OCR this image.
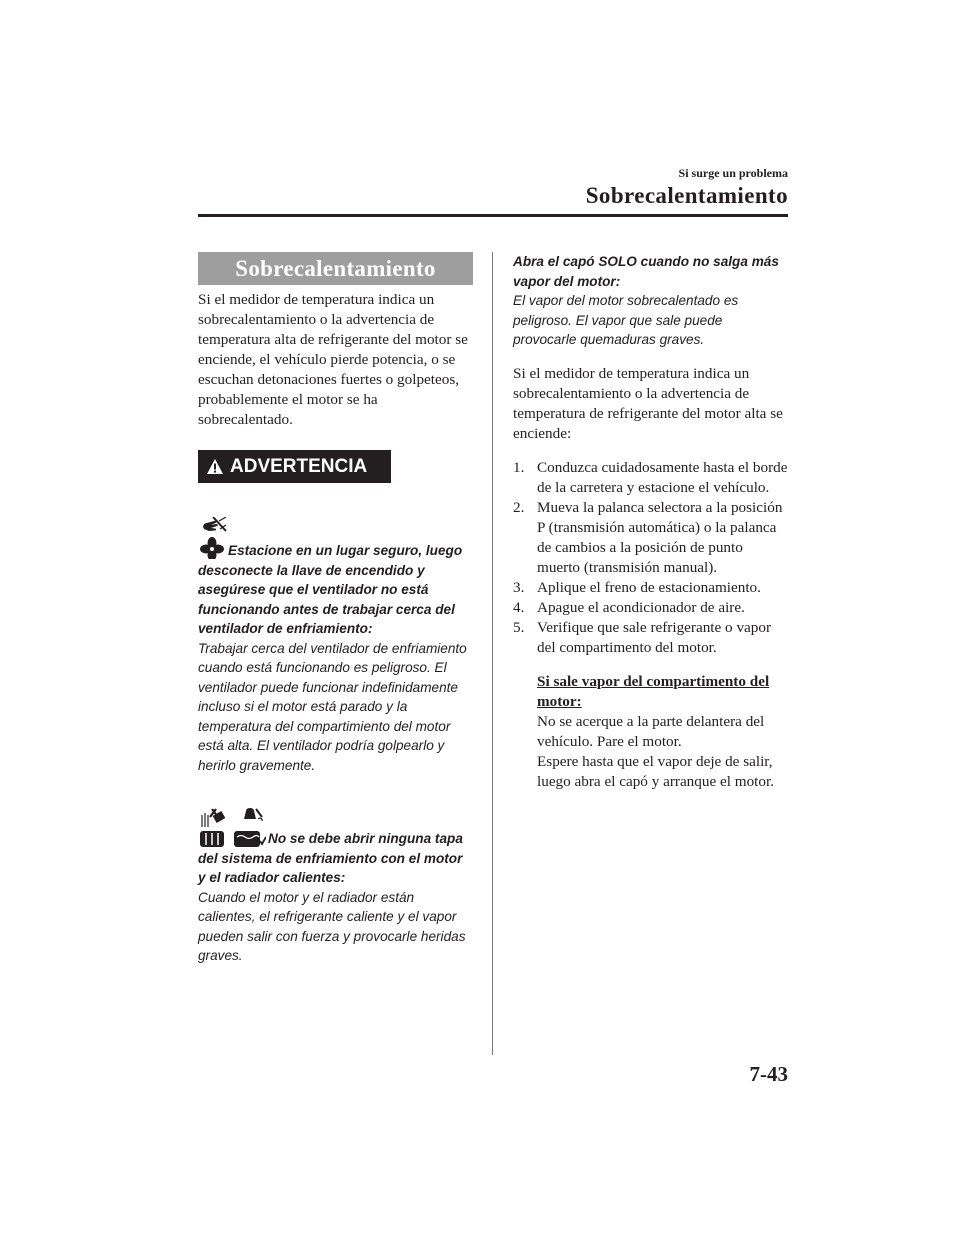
Si surge un problema
Sobrecalentamiento
Sobrecalentamiento

Si el medidor de temperatura indica un sobrecalentamiento o la advertencia de temperatura alta de refrigerante del motor se enciende, el vehículo pierde potencia, o se escuchan detonaciones fuertes o golpeteos, probablemente el motor se ha sobrecalentado.

ADVERTENCIA

Estacione en un lugar seguro, luego desconecte la llave de encendido y asegúrese que el ventilador no está funcionando antes de trabajar cerca del ventilador de enfriamiento:

Trabajar cerca del ventilador de enfriamiento cuando está funcionando es peligroso. El ventilador puede funcionar indefinidamente incluso si el motor está parado y la temperatura del compartimiento del motor está alta. El ventilador podría golpearlo y herirlo gravemente.

No se debe abrir ninguna tapa del sistema de enfriamiento con el motor y el radiador calientes:

Cuando el motor y el radiador están calientes, el refrigerante caliente y el vapor pueden salir con fuerza y provocarle heridas graves.

Abra el capó SOLO cuando no salga más vapor del motor:

El vapor del motor sobrecalentado es peligroso. El vapor que sale puede provocarle quemaduras graves.

Si el medidor de temperatura indica un sobrecalentamiento o la advertencia de temperatura de refrigerante del motor alta se enciende:

1. Conduzca cuidadosamente hasta el borde de la carretera y estacione el vehículo.
2. Mueva la palanca selectora a la posición P (transmisión automática) o la palanca de cambios a la posición de punto muerto (transmisión manual).
3. Aplique el freno de estacionamiento.
4. Apague el acondicionador de aire.
5. Verifique que sale refrigerante o vapor del compartimento del motor.

Si sale vapor del compartimento del motor:

No se acerque a la parte delantera del vehículo. Pare el motor.

Espere hasta que el vapor deje de salir, luego abra el capó y arranque el motor.

7-43
